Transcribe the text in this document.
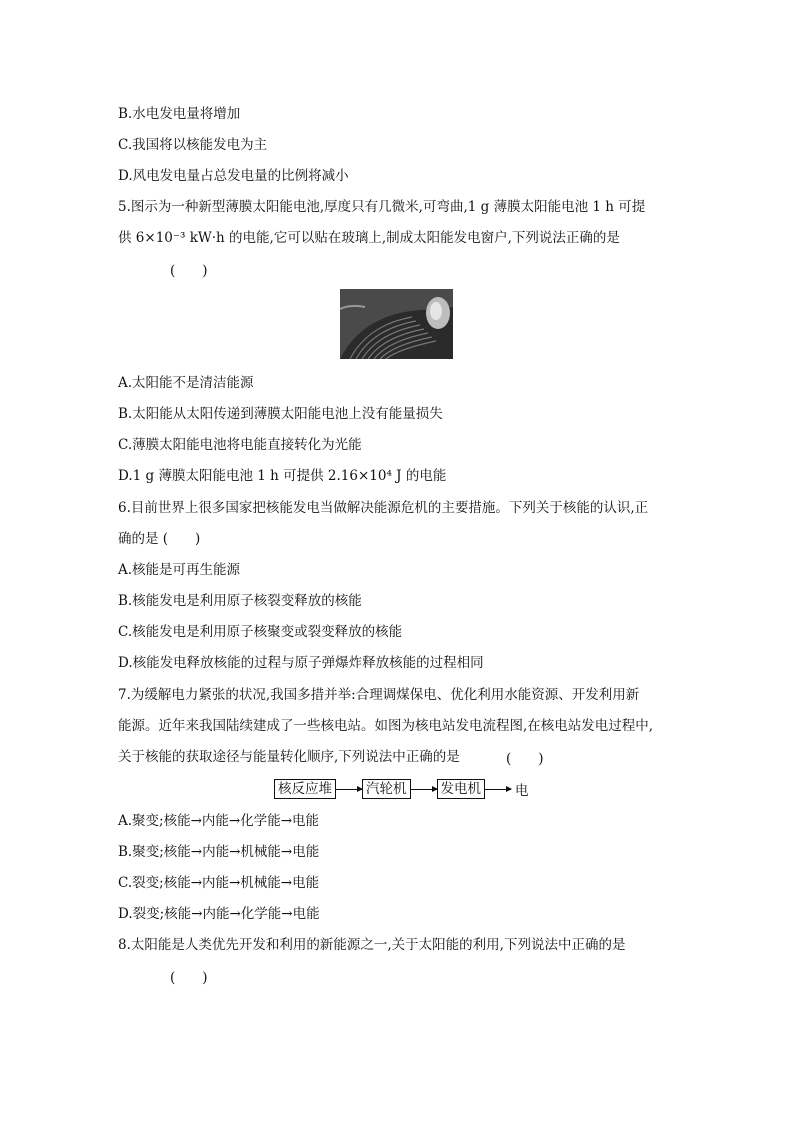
B.水电发电量将增加
C.我国将以核能发电为主
D.风电发电量占总发电量的比例将减小
5.图示为一种新型薄膜太阳能电池,厚度只有几微米,可弯曲,1 g 薄膜太阳能电池 1 h 可提
供 6×10⁻³ kW·h 的电能,它可以贴在玻璃上,制成太阳能发电窗户,下列说法正确的是
(　　)
A.太阳能不是清洁能源
B.太阳能从太阳传递到薄膜太阳能电池上没有能量损失
C.薄膜太阳能电池将电能直接转化为光能
D.1 g 薄膜太阳能电池 1 h 可提供 2.16×10⁴ J 的电能
6.目前世界上很多国家把核能发电当做解决能源危机的主要措施。下列关于核能的认识,正
确的是 (　　)
A.核能是可再生能源
B.核能发电是利用原子核裂变释放的核能
C.核能发电是利用原子核聚变或裂变释放的核能
D.核能发电释放核能的过程与原子弹爆炸释放核能的过程相同
7.为缓解电力紧张的状况,我国多措并举:合理调煤保电、优化利用水能资源、开发利用新
能源。近年来我国陆续建成了一些核电站。如图为核电站发电流程图,在核电站发电过程中,
关于核能的获取途径与能量转化顺序,下列说法中正确的是	(　　)
核反应堆	汽轮机	发电机	电
A.聚变;核能→内能→化学能→电能
B.聚变;核能→内能→机械能→电能
C.裂变;核能→内能→机械能→电能
D.裂变;核能→内能→化学能→电能
8.太阳能是人类优先开发和利用的新能源之一,关于太阳能的利用,下列说法中正确的是
(　　)
